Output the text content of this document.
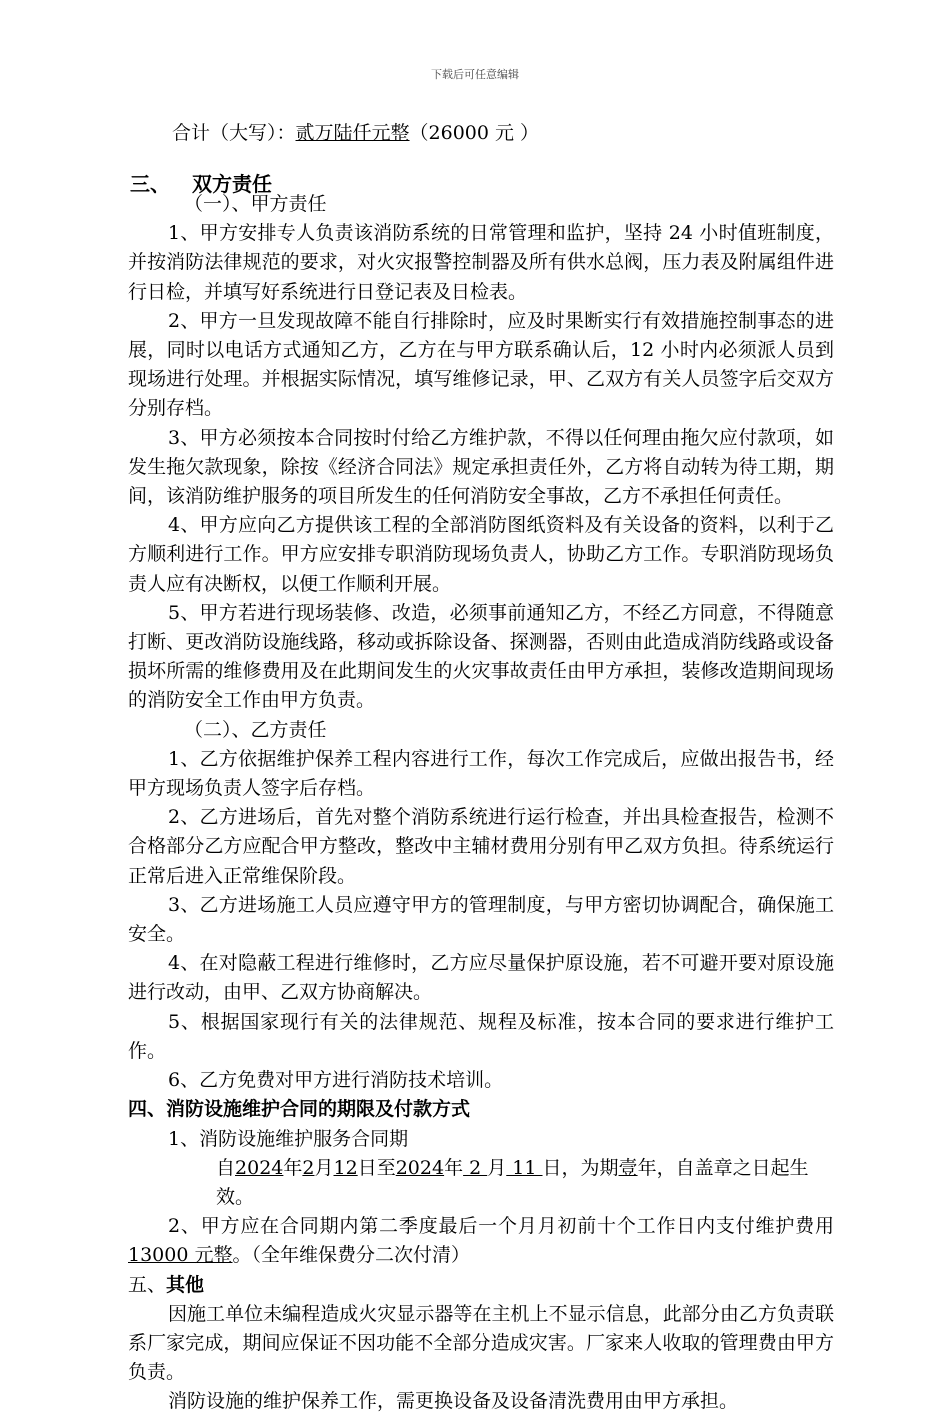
下载后可任意编辑
合计（大写）：贰万陆仟元整（26000 元 ）
三、 双方责任

（一）、甲方责任

1、甲方安排专人负责该消防系统的日常管理和监护，坚持 24 小时值班制度，并按消防法律规范的要求，对火灾报警控制器及所有供水总阀，压力表及附属组件进行日检，并填写好系统进行日登记表及日检表。

2、甲方一旦发现故障不能自行排除时，应及时果断实行有效措施控制事态的进展，同时以电话方式通知乙方，乙方在与甲方联系确认后，12 小时内必须派人员到现场进行处理。并根据实际情况，填写维修记录，甲、乙双方有关人员签字后交双方分别存档。

3、甲方必须按本合同按时付给乙方维护款，不得以任何理由拖欠应付款项，如发生拖欠款现象，除按《经济合同法》规定承担责任外，乙方将自动转为待工期，期间，该消防维护服务的项目所发生的任何消防安全事故，乙方不承担任何责任。

4、甲方应向乙方提供该工程的全部消防图纸资料及有关设备的资料，以利于乙方顺利进行工作。甲方应安排专职消防现场负责人，协助乙方工作。专职消防现场负责人应有决断权，以便工作顺利开展。

5、甲方若进行现场装修、改造，必须事前通知乙方，不经乙方同意，不得随意打断、更改消防设施线路，移动或拆除设备、探测器，否则由此造成消防线路或设备损坏所需的维修费用及在此期间发生的火灾事故责任由甲方承担，装修改造期间现场的消防安全工作由甲方负责。

（二）、乙方责任

1、乙方依据维护保养工程内容进行工作，每次工作完成后，应做出报告书，经甲方现场负责人签字后存档。

2、乙方进场后，首先对整个消防系统进行运行检查，并出具检查报告，检测不合格部分乙方应配合甲方整改，整改中主辅材费用分别有甲乙双方负担。待系统运行正常后进入正常维保阶段。

3、乙方进场施工人员应遵守甲方的管理制度，与甲方密切协调配合，确保施工安全。

4、在对隐蔽工程进行维修时，乙方应尽量保护原设施，若不可避开要对原设施进行改动，由甲、乙双方协商解决。

5、根据国家现行有关的法律规范、规程及标准，按本合同的要求进行维护工作。

6、乙方免费对甲方进行消防技术培训。

四、消防设施维护合同的期限及付款方式

1、消防设施维护服务合同期

自2024年2月12日至2024年 2 月 11 日，为期壹年，自盖章之日起生效。

2、甲方应在合同期内第二季度最后一个月月初前十个工作日内支付维护费用13000 元整。（全年维保费分二次付清）

五、其他

因施工单位未编程造成火灾显示器等在主机上不显示信息，此部分由乙方负责联系厂家完成，期间应保证不因功能不全部分造成灾害。厂家来人收取的管理费由甲方负责。

消防设施的维护保养工作，需更换设备及设备清洗费用由甲方承担。
